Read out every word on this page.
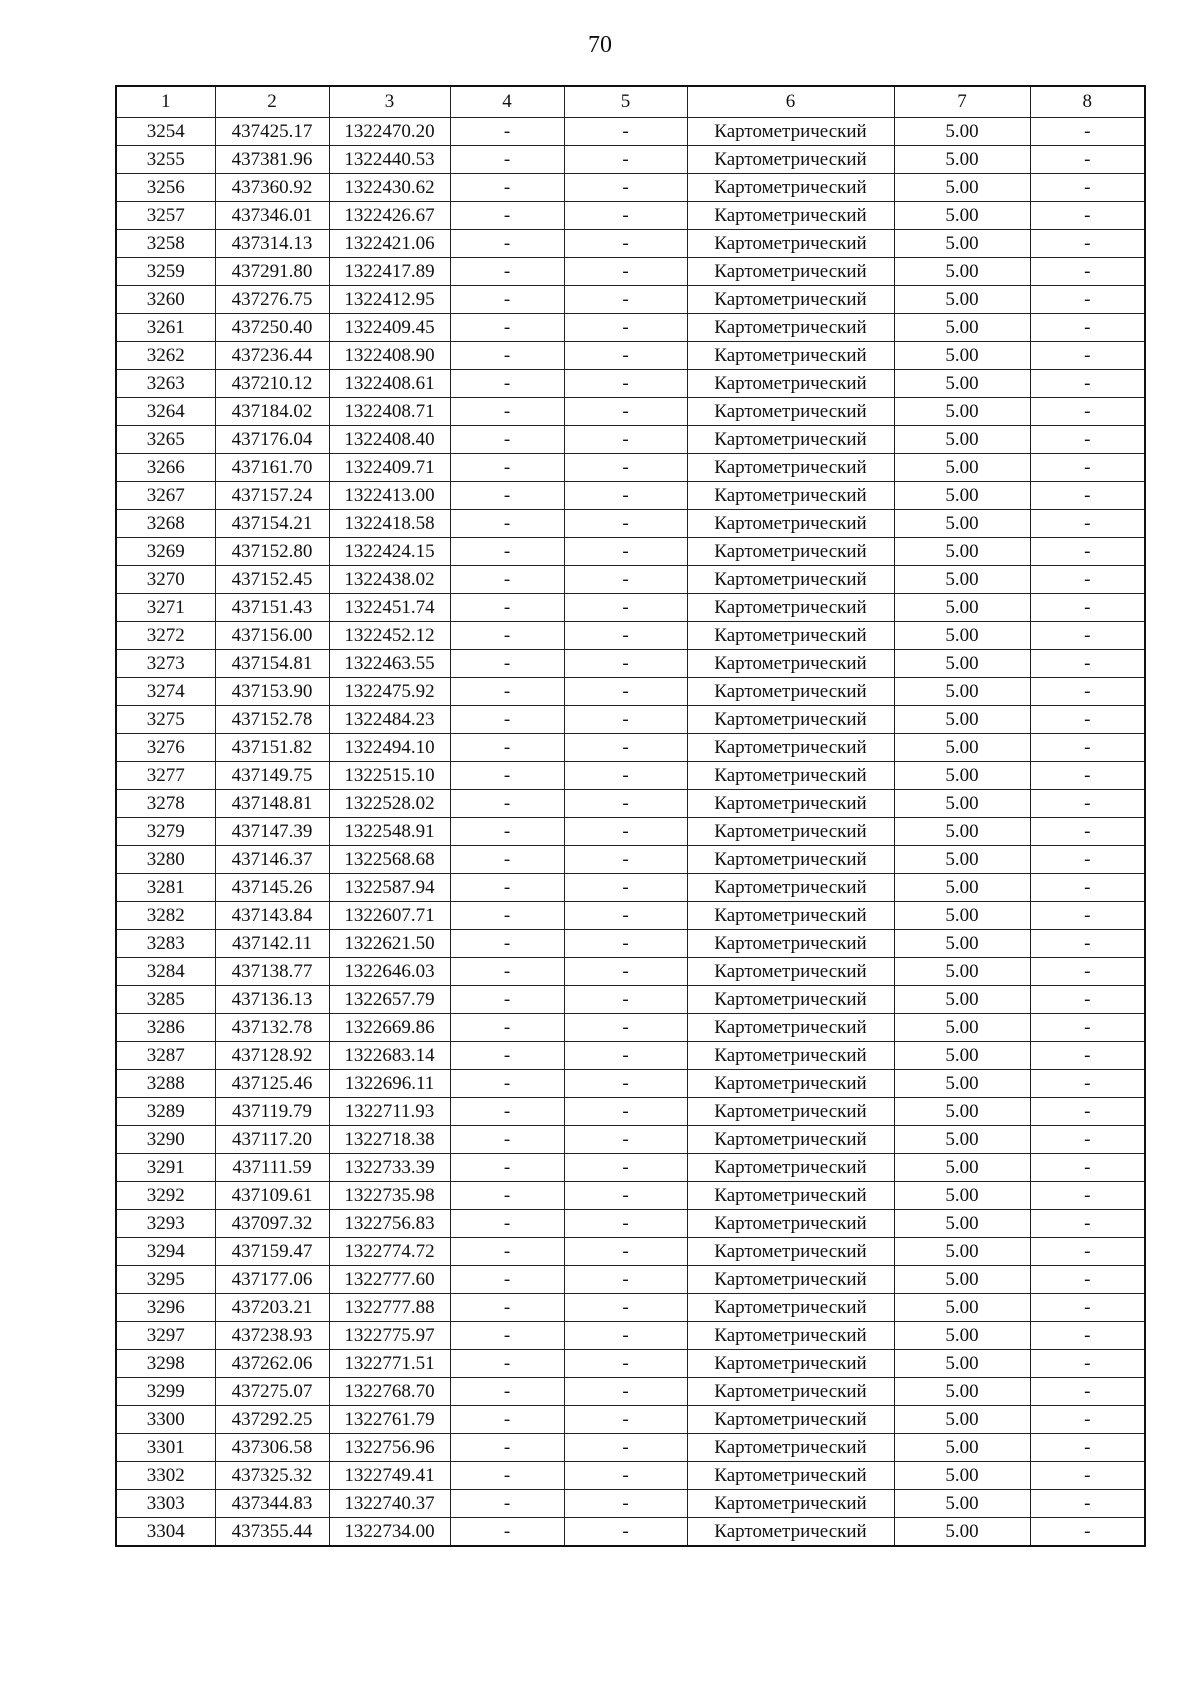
70
1	2	3	4	5	6	7	8
3254	437425.17	1322470.20	-	-	Картометрический	5.00	-
3255	437381.96	1322440.53	-	-	Картометрический	5.00	-
3256	437360.92	1322430.62	-	-	Картометрический	5.00	-
3257	437346.01	1322426.67	-	-	Картометрический	5.00	-
3258	437314.13	1322421.06	-	-	Картометрический	5.00	-
3259	437291.80	1322417.89	-	-	Картометрический	5.00	-
3260	437276.75	1322412.95	-	-	Картометрический	5.00	-
3261	437250.40	1322409.45	-	-	Картометрический	5.00	-
3262	437236.44	1322408.90	-	-	Картометрический	5.00	-
3263	437210.12	1322408.61	-	-	Картометрический	5.00	-
3264	437184.02	1322408.71	-	-	Картометрический	5.00	-
3265	437176.04	1322408.40	-	-	Картометрический	5.00	-
3266	437161.70	1322409.71	-	-	Картометрический	5.00	-
3267	437157.24	1322413.00	-	-	Картометрический	5.00	-
3268	437154.21	1322418.58	-	-	Картометрический	5.00	-
3269	437152.80	1322424.15	-	-	Картометрический	5.00	-
3270	437152.45	1322438.02	-	-	Картометрический	5.00	-
3271	437151.43	1322451.74	-	-	Картометрический	5.00	-
3272	437156.00	1322452.12	-	-	Картометрический	5.00	-
3273	437154.81	1322463.55	-	-	Картометрический	5.00	-
3274	437153.90	1322475.92	-	-	Картометрический	5.00	-
3275	437152.78	1322484.23	-	-	Картометрический	5.00	-
3276	437151.82	1322494.10	-	-	Картометрический	5.00	-
3277	437149.75	1322515.10	-	-	Картометрический	5.00	-
3278	437148.81	1322528.02	-	-	Картометрический	5.00	-
3279	437147.39	1322548.91	-	-	Картометрический	5.00	-
3280	437146.37	1322568.68	-	-	Картометрический	5.00	-
3281	437145.26	1322587.94	-	-	Картометрический	5.00	-
3282	437143.84	1322607.71	-	-	Картометрический	5.00	-
3283	437142.11	1322621.50	-	-	Картометрический	5.00	-
3284	437138.77	1322646.03	-	-	Картометрический	5.00	-
3285	437136.13	1322657.79	-	-	Картометрический	5.00	-
3286	437132.78	1322669.86	-	-	Картометрический	5.00	-
3287	437128.92	1322683.14	-	-	Картометрический	5.00	-
3288	437125.46	1322696.11	-	-	Картометрический	5.00	-
3289	437119.79	1322711.93	-	-	Картометрический	5.00	-
3290	437117.20	1322718.38	-	-	Картометрический	5.00	-
3291	437111.59	1322733.39	-	-	Картометрический	5.00	-
3292	437109.61	1322735.98	-	-	Картометрический	5.00	-
3293	437097.32	1322756.83	-	-	Картометрический	5.00	-
3294	437159.47	1322774.72	-	-	Картометрический	5.00	-
3295	437177.06	1322777.60	-	-	Картометрический	5.00	-
3296	437203.21	1322777.88	-	-	Картометрический	5.00	-
3297	437238.93	1322775.97	-	-	Картометрический	5.00	-
3298	437262.06	1322771.51	-	-	Картометрический	5.00	-
3299	437275.07	1322768.70	-	-	Картометрический	5.00	-
3300	437292.25	1322761.79	-	-	Картометрический	5.00	-
3301	437306.58	1322756.96	-	-	Картометрический	5.00	-
3302	437325.32	1322749.41	-	-	Картометрический	5.00	-
3303	437344.83	1322740.37	-	-	Картометрический	5.00	-
3304	437355.44	1322734.00	-	-	Картометрический	5.00	-
